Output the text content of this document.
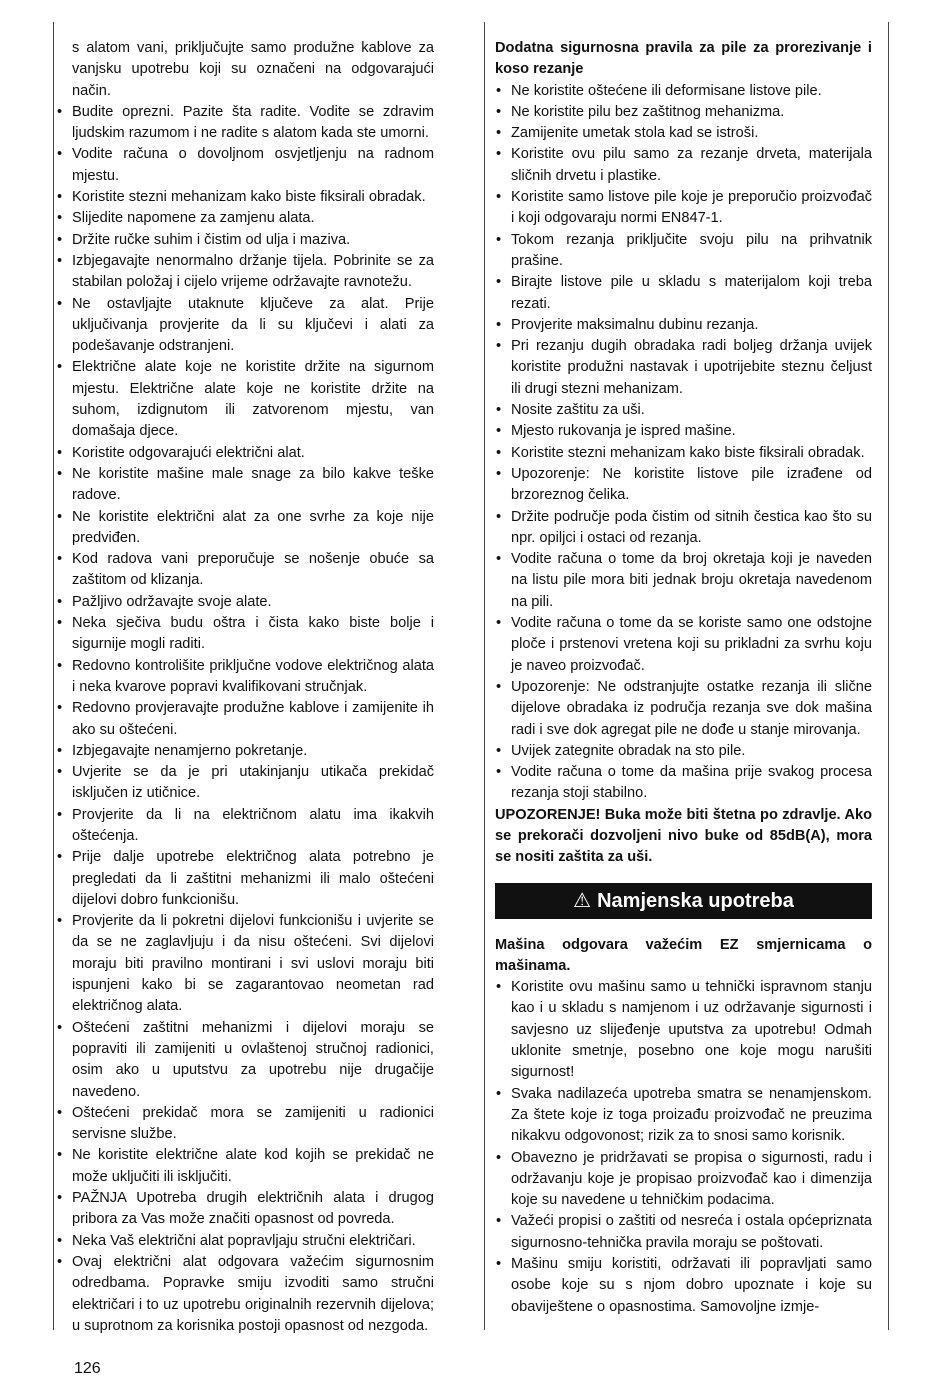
s alatom vani, priključujte samo produžne kablove za vanjsku upotrebu koji su označeni na odgovarajući način.

• Budite oprezni. Pazite šta radite. Vodite se zdravim ljudskim razumom i ne radite s alatom kada ste umorni.
• Vodite računa o dovoljnom osvjetljenju na radnom mjestu.
• Koristite stezni mehanizam kako biste fiksirali obradak.
• Slijedite napomene za zamjenu alata.
• Držite ručke suhim i čistim od ulja i maziva.
• Izbjegavajte nenormalno držanje tijela. Pobrinite se za stabilan položaj i cijelo vrijeme održavajte ravnotežu.
• Ne ostavljajte utaknute ključeve za alat. Prije uključivanja provjerite da li su ključevi i alati za podešavanje odstranjeni.
• Električne alate koje ne koristite držite na sigurnom mjestu. Električne alate koje ne koristite držite na suhom, izdignutom ili zatvorenom mjestu, van domašaja djece.
• Koristite odgovarajući električni alat.
• Ne koristite mašine male snage za bilo kakve teške radove.
• Ne koristite električni alat za one svrhe za koje nije predviđen.
• Kod radova vani preporučuje se nošenje obuće sa zaštitom od klizanja.
• Pažljivo održavajte svoje alate.
• Neka sječiva budu oštra i čista kako biste bolje i sigurnije mogli raditi.
• Redovno kontrolišite priključne vodove električnog alata i neka kvarove popravi kvalifikovani stručnjak.
• Redovno provjeravajte produžne kablove i zamijenite ih ako su oštećeni.
• Izbjegavajte nenamjerno pokretanje.
• Uvjerite se da je pri utakinjanju utikača prekidač isključen iz utičnice.
• Provjerite da li na električnom alatu ima ikakvih oštećenja.
• Prije dalje upotrebe električnog alata potrebno je pregledati da li zaštitni mehanizmi ili malo oštećeni dijelovi dobro funkcionišu.
• Provjerite da li pokretni dijelovi funkcionišu i uvjerite se da se ne zaglavljuju i da nisu oštećeni. Svi dijelovi moraju biti pravilno montirani i svi uslovi moraju biti ispunjeni kako bi se zagarantovao neometan rad električnog alata.
• Oštećeni zaštitni mehanizmi i dijelovi moraju se popraviti ili zamijeniti u ovlaštenoj stručnoj radionici, osim ako u uputstvu za upotrebu nije drugačije navedeno.
• Oštećeni prekidač mora se zamijeniti u radionici servisne službe.
• Ne koristite električne alate kod kojih se prekidač ne može uključiti ili isključiti.
• PAŽNJA Upotreba drugih električnih alata i drugog pribora za Vas može značiti opasnost od povreda.
• Neka Vaš električni alat popravljaju stručni električari.
• Ovaj električni alat odgovara važećim sigurnosnim odredbama. Popravke smiju izvoditi samo stručni električari i to uz upotrebu originalnih rezervnih dijelova; u suprotnom za korisnika postoji opasnost od nezgoda.

Dodatna sigurnosna pravila za pile za prorezivanje i koso rezanje

• Ne koristite oštećene ili deformisane listove pile.
• Ne koristite pilu bez zaštitnog mehanizma.
• Zamijenite umetak stola kad se istroši.
• Koristite ovu pilu samo za rezanje drveta, materijala sličnih drvetu i plastike.
• Koristite samo listove pile koje je preporučio proizvođač i koji odgovaraju normi EN847-1.
• Tokom rezanja priključite svoju pilu na prihvatnik prašine.
• Birajte listove pile u skladu s materijalom koji treba rezati.
• Provjerite maksimalnu dubinu rezanja.
• Pri rezanju dugih obradaka radi boljeg držanja uvijek koristite produžni nastavak i upotrijebite steznu čeljust ili drugi stezni mehanizam.
• Nosite zaštitu za uši.
• Mjesto rukovanja je ispred mašine.
• Koristite stezni mehanizam kako biste fiksirali obradak.
• Upozorenje: Ne koristite listove pile izrađene od brzoreznog čelika.
• Držite područje poda čistim od sitnih čestica kao što su npr. opiljci i ostaci od rezanja.
• Vodite računa o tome da broj okretaja koji je naveden na listu pile mora biti jednak broju okretaja navedenom na pili.
• Vodite računa o tome da se koriste samo one odstojne ploče i prstenovi vretena koji su prikladni za svrhu koju je naveo proizvođač.
• Upozorenje: Ne odstranjujte ostatke rezanja ili slične dijelove obradaka iz područja rezanja sve dok mašina radi i sve dok agregat pile ne dođe u stanje mirovanja.
• Uvijek zategnite obradak na sto pile.
• Vodite računa o tome da mašina prije svakog procesa rezanja stoji stabilno.

UPOZORENJE! Buka može biti štetna po zdravlje. Ako se prekorači dozvoljeni nivo buke od 85dB(A), mora se nositi zaštita za uši.

⚠ Namjenska upotreba

Mašina odgovara važećim EZ smjernicama o mašinama.

• Koristite ovu mašinu samo u tehnički ispravnom stanju kao i u skladu s namjenom i uz održavanje sigurnosti i savjesno uz slijeđenje uputstva za upotrebu! Odmah uklonite smetnje, posebno one koje mogu narušiti sigurnost!
• Svaka nadilazeća upotreba smatra se nenamjenskom. Za štete koje iz toga proizađu proizvođač ne preuzima nikakvu odgovonost; rizik za to snosi samo korisnik.
• Obavezno je pridržavati se propisa o sigurnosti, radu i održavanju koje je propisao proizvođač kao i dimenzija koje su navedene u tehničkim podacima.
• Važeći propisi o zaštiti od nesreća i ostala općepriznata sigurnosno-tehnička pravila moraju se poštovati.
• Mašinu smiju koristiti, održavati ili popravljati samo osobe koje su s njom dobro upoznate i koje su obaviještene o opasnostima. Samovoljne izmje-
126
